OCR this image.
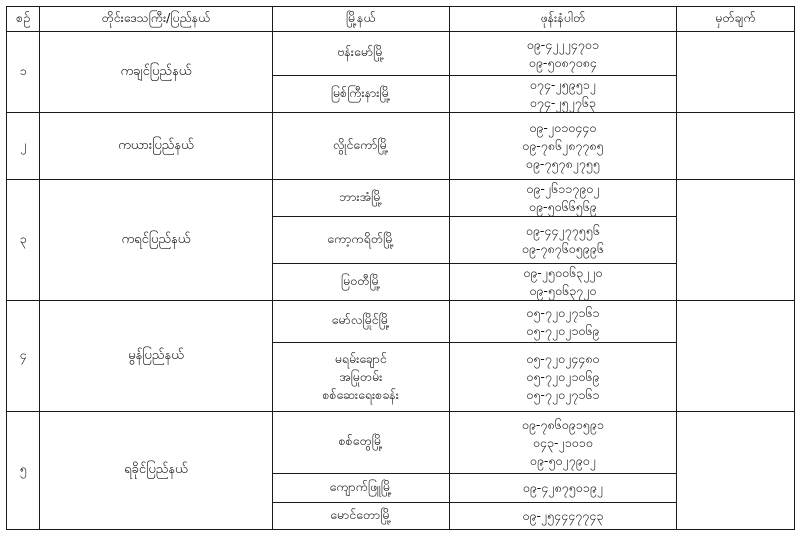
စဉ်	တိုင်းဒေသကြီး/ပြည်နယ်	မြို့နယ်	ဖုန်းနံပါတ်	မှတ်ချက်
၁	ကချင်ပြည်နယ်	ဗန်းမော်မြို့	၀၉-၄၂၂၂၄၇၀၁
၀၉-၅၀၈၇၀၈၄	

		မြစ်ကြီးနားမြို့	၀၇၄-၂၅၉၅၁၂
၀၇၄-၂၅၂၇၆၃	

၂	ကယားပြည်နယ်	လွိုင်ကော်မြို့	၀၉-၂၀၁၀၄၄၀
၀၉-၇၈၆၂၈၇၇၈၅
၀၉-၇၅၇၈၂၇၅၅	

၃	ကရင်ပြည်နယ်	ဘားအံမြို့	၀၉-၂၆၁၁၇၉၀၂
၀၉-၅၀၆၆၅၆၉	

		ကော့ကရိတ်မြို့	၀၉-၄၄၂၇၇၅၅၆
၀၉-၇၈၇၆၀၅၉၉၆	

		မြဝတီမြို့	၀၉-၂၅၀၀၆၃၂၂၀
၀၉-၅၀၆၃၇၂၀	

၄	မွန်ပြည်နယ်	မော်လမြိုင်မြို့	၀၅-၇၂၀၂၇၁၆၁
၀၅-၇၂၀၂၁၀၆၉	

		မရမ်းချောင်
အမြုတမ်း
စစ်ဆေးရေးစခန်း	၀၅-၇၂၀၂၄၄၈၀
၀၅-၇၂၀၂၁၀၆၉
၀၅-၇၂၀၂၇၁၆၁	

၅	ရခိုင်ပြည်နယ်	စစ်တွေမြို့	၀၉-၇၈၆၀၉၁၅၉၁
၀၄၃-၂၁၀၁၀
၀၉-၅၀၂၇၉၀၂	

		ကျောက်ဖြူမြို့	၀၉-၄၂၈၇၅၀၁၉၂	

		မောင်တောမြို့	၀၉-၂၅၄၄၄၇၇၄၃	
